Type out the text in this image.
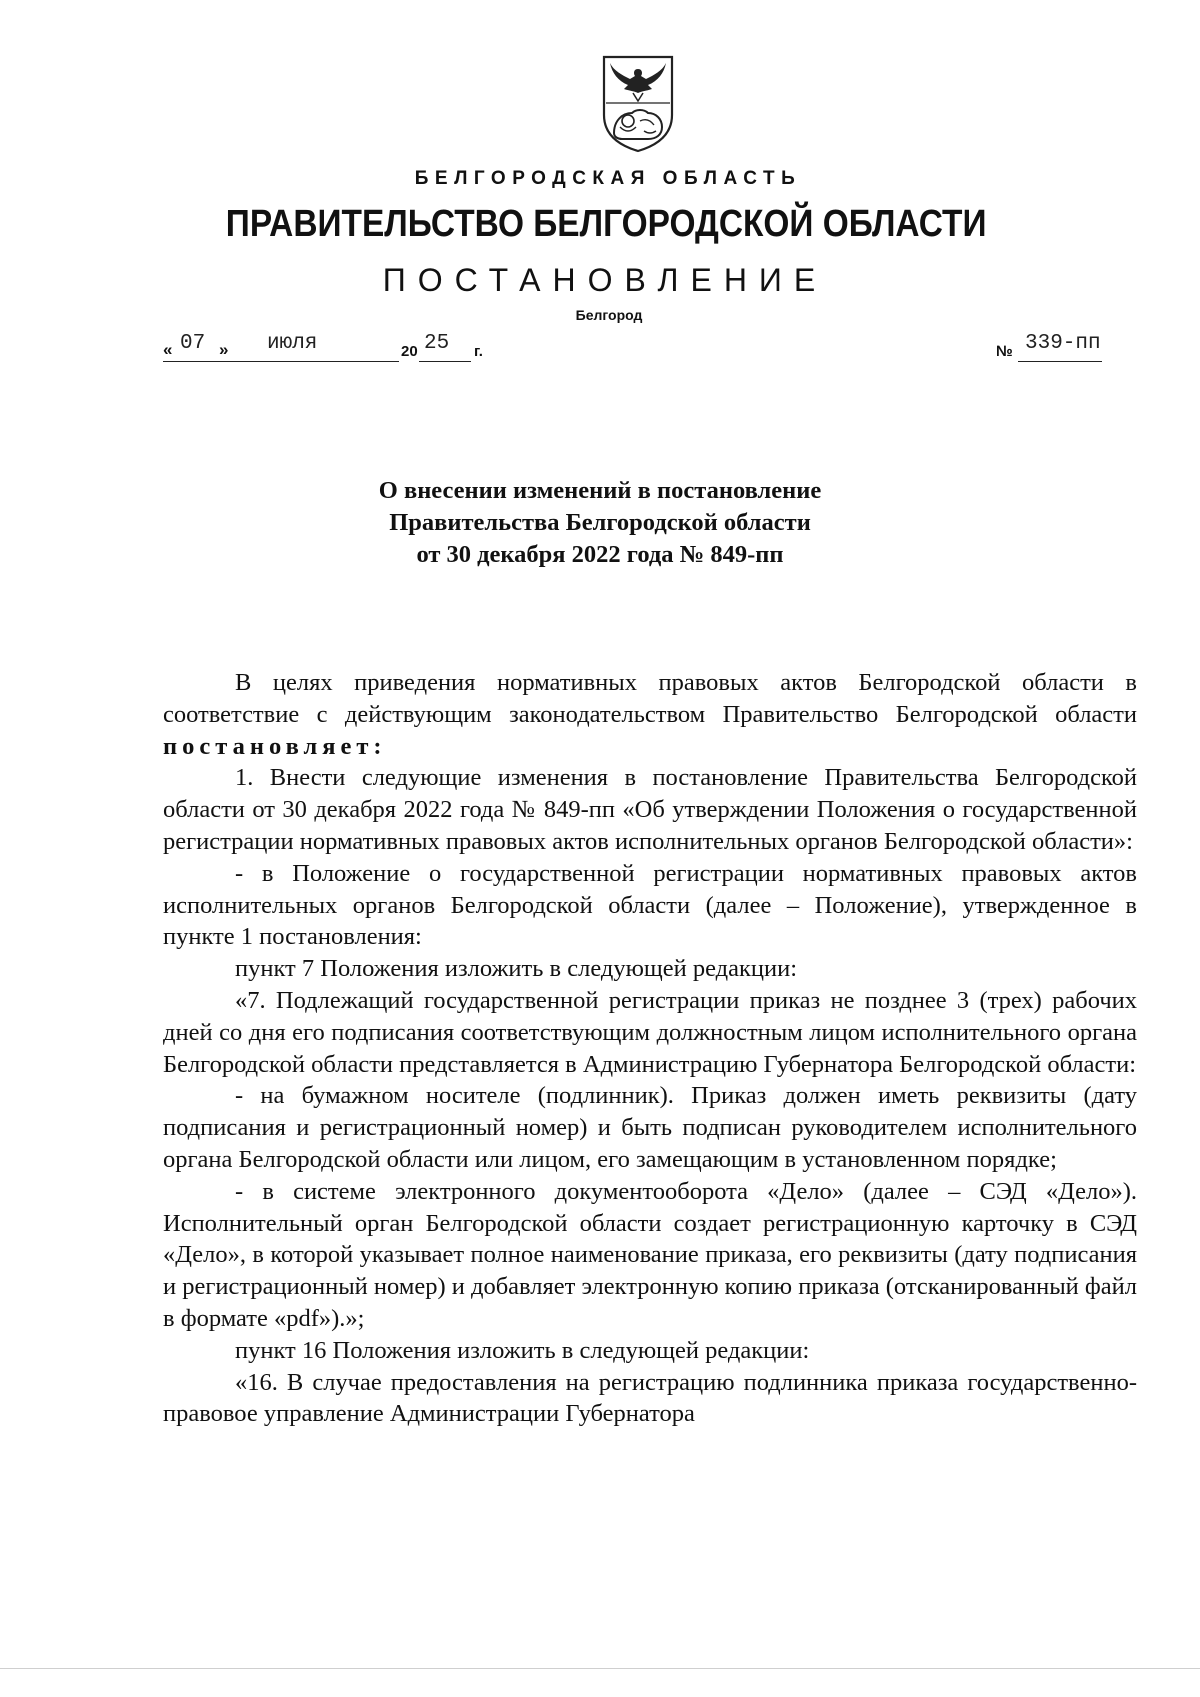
БЕЛГОРОДСКАЯ ОБЛАСТЬ
ПРАВИТЕЛЬСТВО БЕЛГОРОДСКОЙ ОБЛАСТИ
ПОСТАНОВЛЕНИЕ
Белгород
« 07 » июля	20 25 г.	№ 339-пп
О внесении изменений в постановление
Правительства Белгородской области
от 30 декабря 2022 года № 849-пп

В целях приведения нормативных правовых актов Белгородской области в соответствие с действующим законодательством Правительство Белгородской области постановляет:

1. Внести следующие изменения в постановление Правительства Белгородской области от 30 декабря 2022 года № 849-пп «Об утверждении Положения о государственной регистрации нормативных правовых актов исполнительных органов Белгородской области»:

- в Положение о государственной регистрации нормативных правовых актов исполнительных органов Белгородской области (далее – Положение), утвержденное в пункте 1 постановления:

пункт 7 Положения изложить в следующей редакции:

«7. Подлежащий государственной регистрации приказ не позднее 3 (трех) рабочих дней со дня его подписания соответствующим должностным лицом исполнительного органа Белгородской области представляется в Администрацию Губернатора Белгородской области:

- на бумажном носителе (подлинник). Приказ должен иметь реквизиты (дату подписания и регистрационный номер) и быть подписан руководителем исполнительного органа Белгородской области или лицом, его замещающим в установленном порядке;

- в системе электронного документооборота «Дело» (далее – СЭД «Дело»). Исполнительный орган Белгородской области создает регистрационную карточку в СЭД «Дело», в которой указывает полное наименование приказа, его реквизиты (дату подписания и регистрационный номер) и добавляет электронную копию приказа (отсканированный файл в формате «pdf»).»;

пункт 16 Положения изложить в следующей редакции:

«16. В случае предоставления на регистрацию подлинника приказа государственно-правовое управление Администрации Губернатора
